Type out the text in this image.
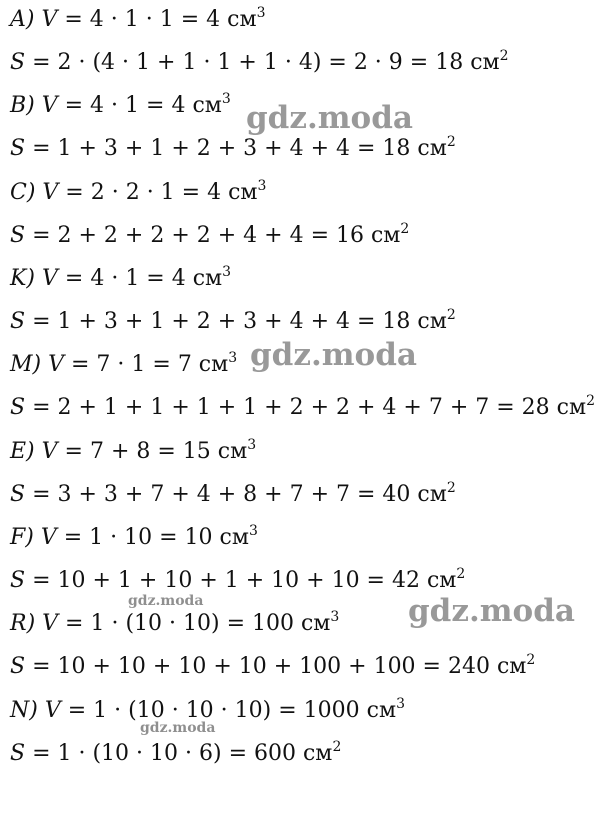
A) V = 4 · 1 · 1 = 4 $см^3$
S = 2 · (4 · 1 + 1 · 1 + 1 · 4) = 2 · 9 = 18 $см^2$
B) V = 4 · 1 = 4 $см^3$
S = 1 + 3 + 1 + 2 + 3 + 4 + 4 = 18 $см^2$
C) V = 2 · 2 · 1 = 4 $см^3$
S = 2 + 2 + 2 + 2 + 4 + 4 = 16 $см^2$
K) V = 4 · 1 = 4 $см^3$
S = 1 + 3 + 1 + 2 + 3 + 4 + 4 = 18 $см^2$
M) V = 7 · 1 = 7 $см^3$
S = 2 + 1 + 1 + 1 + 1 + 2 + 2 + 4 + 7 + 7 = 28 $см^2$
E) V = 7 + 8 = 15 $см^3$
S = 3 + 3 + 7 + 4 + 8 + 7 + 7 = 40 $см^2$
F) V = 1 · 10 = 10 $см^3$
S = 10 + 1 + 10 + 1 + 10 + 10 = 42 $см^2$
R) V = 1 · (10 · 10) = 100 $см^3$
S = 10 + 10 + 10 + 10 + 100 + 100 = 240 $см^2$
N) V = 1 · (10 · 10 · 10) = 1000 $см^3$
S = 1 · (10 · 10 · 6) = 600 $см^2$
gdz.moda
gdz.moda
gdz.moda
gdz.moda
gdz.moda
